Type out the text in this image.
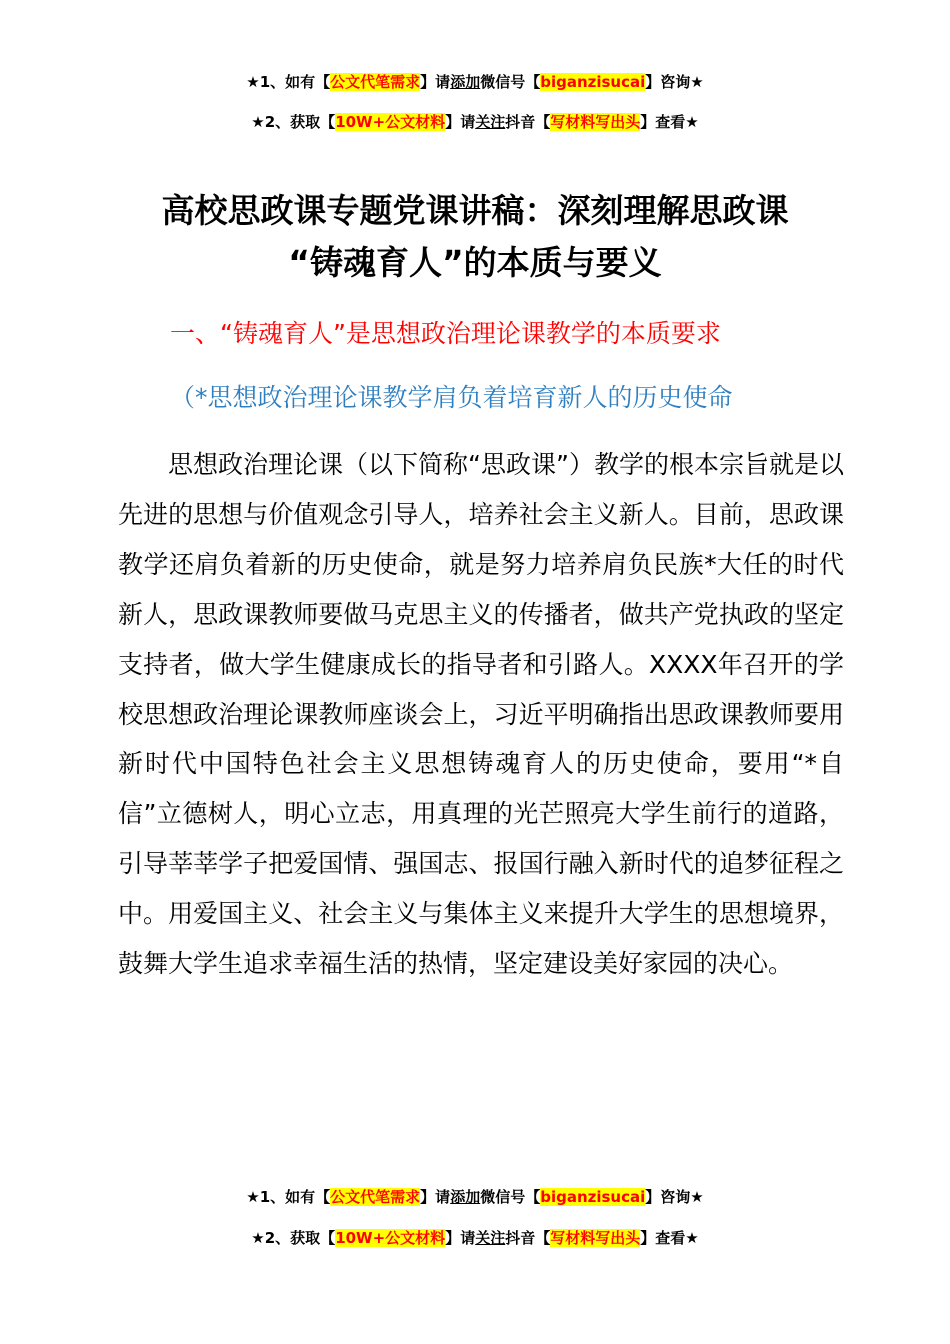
★1、如有【公文代笔需求】请添加微信号【biganzisucai】咨询★
★2、获取【10W+公文材料】请关注抖音【写材料写出头】查看★
高校思政课专题党课讲稿：深刻理解思政课
“铸魂育人”的本质与要义
一、“铸魂育人”是思想政治理论课教学的本质要求
（*思想政治理论课教学肩负着培育新人的历史使命

思想政治理论课（以下简称“思政课”）教学的根本宗旨就是以先进的思想与价值观念引导人，培养社会主义新人。目前，思政课教学还肩负着新的历史使命，就是努力培养肩负民族*大任的时代新人，思政课教师要做马克思主义的传播者，做共产党执政的坚定支持者，做大学生健康成长的指导者和引路人。XXXX年召开的学校思想政治理论课教师座谈会上，习近平明确指出思政课教师要用新时代中国特色社会主义思想铸魂育人的历史使命，要用“*自信”立德树人，明心立志，用真理的光芒照亮大学生前行的道路，引导莘莘学子把爱国情、强国志、报国行融入新时代的追梦征程之中。用爱国主义、社会主义与集体主义来提升大学生的思想境界，鼓舞大学生追求幸福生活的热情，坚定建设美好家园的决心。

★1、如有【公文代笔需求】请添加微信号【biganzisucai】咨询★
★2、获取【10W+公文材料】请关注抖音【写材料写出头】查看★
